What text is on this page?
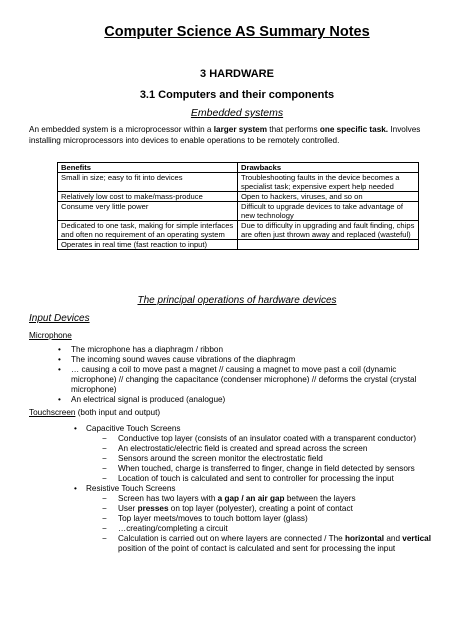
Computer Science AS Summary Notes
3 HARDWARE
3.1 Computers and their components
Embedded systems
An embedded system is a microprocessor within a larger system that performs one specific task. Involves installing microprocessors into devices to enable operations to be remotely controlled.
Benefits	Drawbacks
Small in size; easy to fit into devices	Troubleshooting faults in the device becomes a specialist task; expensive expert help needed
Relatively low cost to make/mass-produce	Open to hackers, viruses, and so on
Consume very little power	Difficult to upgrade devices to take advantage of new technology
Dedicated to one task, making for simple interfaces and often no requirement of an operating system	Due to difficulty in upgrading and fault finding, chips are often just thrown away and replaced (wasteful)
Operates in real time (fast reaction to input)	
The principal operations of hardware devices
Input Devices
Microphone
• The microphone has a diaphragm / ribbon
• The incoming sound waves cause vibrations of the diaphragm
• … causing a coil to move past a magnet // causing a magnet to move past a coil (dynamic microphone) // changing the capacitance (condenser microphone) // deforms the crystal (crystal microphone)
• An electrical signal is produced (analogue)
Touchscreen (both input and output)
• Capacitive Touch Screens
− Conductive top layer (consists of an insulator coated with a transparent conductor)
− An electrostatic/electric field is created and spread across the screen
− Sensors around the screen monitor the electrostatic field
− When touched, charge is transferred to finger, change in field detected by sensors
− Location of touch is calculated and sent to controller for processing the input
• Resistive Touch Screens
− Screen has two layers with a gap / an air gap between the layers
− User presses on top layer (polyester), creating a point of contact
− Top layer meets/moves to touch bottom layer (glass)
− …creating/completing a circuit
− Calculation is carried out on where layers are connected / The horizontal and vertical position of the point of contact is calculated and sent for processing the input
